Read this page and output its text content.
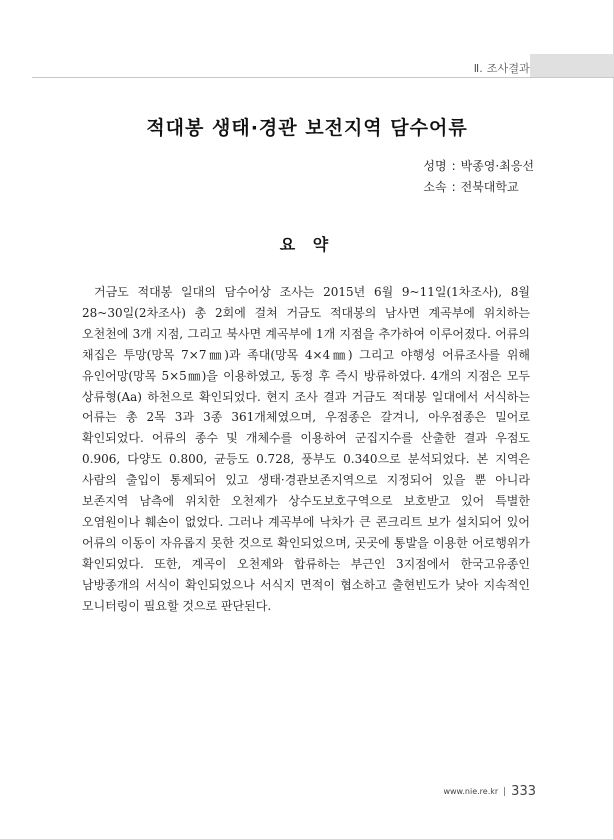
Ⅱ. 조사결과
적대봉 생태·경관 보전지역 담수어류
성명 : 박종영·최응선
소속 : 전북대학교
요 약
거금도 적대봉 일대의 담수어상 조사는 2015년 6월 9~11일(1차조사), 8월 28~30일(2차조사) 총 2회에 걸쳐 거금도 적대봉의 남사면 계곡부에 위치하는 오천천에 3개 지점, 그리고 북사면 계곡부에 1개 지점을 추가하여 이루어졌다. 어류의 채집은 투망(망목 7×7㎜)과 족대(망목 4×4㎜) 그리고 야행성 어류조사를 위해 유인어망(망목 5×5㎜)을 이용하였고, 동정 후 즉시 방류하였다. 4개의 지점은 모두 상류형(Aa) 하천으로 확인되었다. 현지 조사 결과 거금도 적대봉 일대에서 서식하는 어류는 총 2목 3과 3종 361개체였으며, 우점종은 갈겨니, 아우점종은 밀어로 확인되었다. 어류의 종수 및 개체수를 이용하여 군집지수를 산출한 결과 우점도 0.906, 다양도 0.800, 균등도 0.728, 풍부도 0.340으로 분석되었다. 본 지역은 사람의 출입이 통제되어 있고 생태·경관보존지역으로 지정되어 있을 뿐 아니라 보존지역 남측에 위치한 오천제가 상수도보호구역으로 보호받고 있어 특별한 오염원이나 훼손이 없었다. 그러나 계곡부에 낙차가 큰 콘크리트 보가 설치되어 있어 어류의 이동이 자유롭지 못한 것으로 확인되었으며, 곳곳에 통발을 이용한 어로행위가 확인되었다. 또한, 계곡이 오천제와 합류하는 부근인 3지점에서 한국고유종인 남방종개의 서식이 확인되었으나 서식지 면적이 협소하고 출현빈도가 낮아 지속적인 모니터링이 필요할 것으로 판단된다.
www.nie.re.kr 333
